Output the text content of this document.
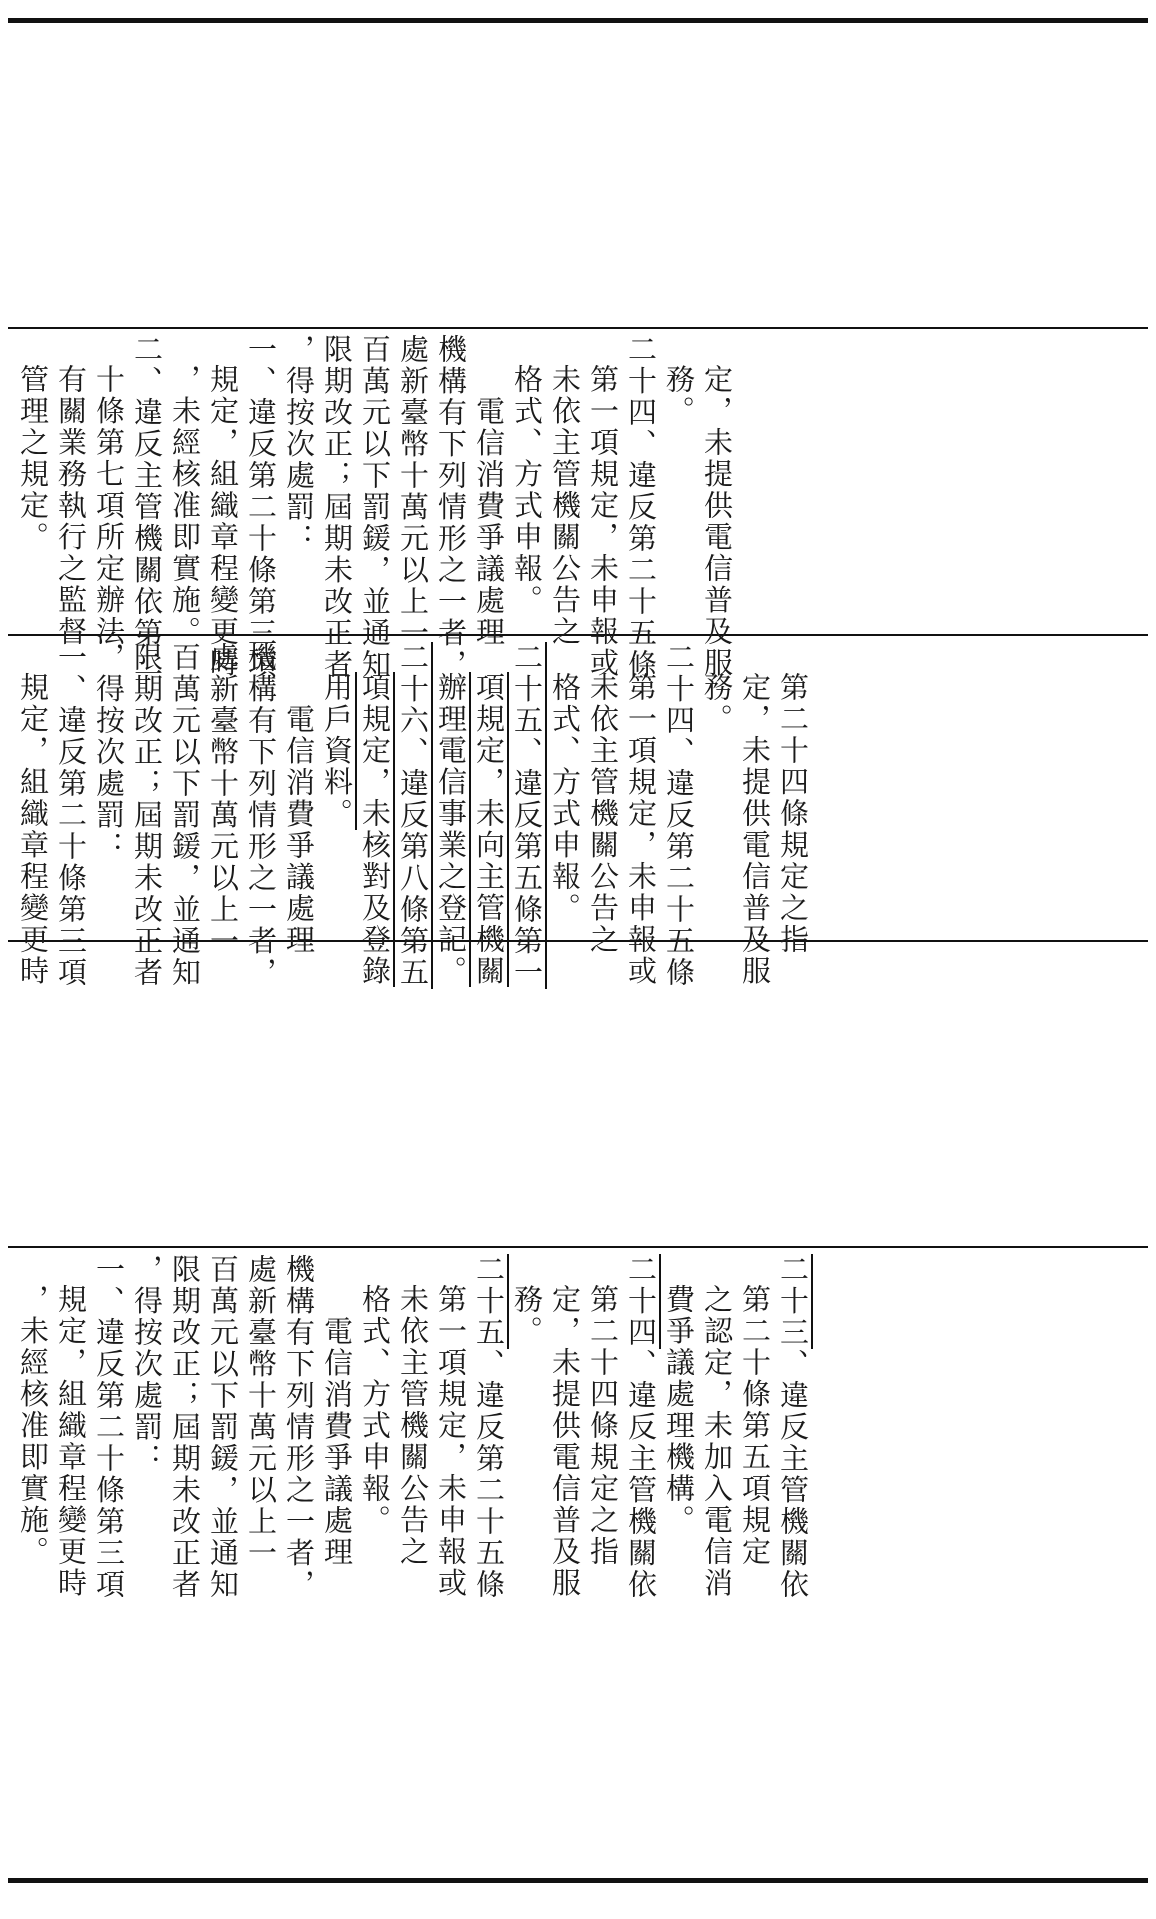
定，未提供電信普及服
務。
二十四、違反第二十五條
第一項規定，未申報或
未依主管機關公告之
格式、方式申報。
電信消費爭議處理
機構有下列情形之一者，
處新臺幣十萬元以上一
百萬元以下罰鍰，並通知
限期改正；屆期未改正者
，得按次處罰：
一、違反第二十條第三項
規定，組織章程變更時
，未經核准即實施。
二、違反主管機關依第二
十條第七項所定辦法
有關業務執行之監督
管理之規定。
第二十四條規定之指
定，未提供電信普及服
務。
二十四、違反第二十五條
第一項規定，未申報或
未依主管機關公告之
格式、方式申報。
二十五、違反第五條第一
項規定，未向主管機關
辦理電信事業之登記。
二十六、違反第八條第五
項規定，未核對及登錄
用戶資料。
電信消費爭議處理
機構有下列情形之一者，
處新臺幣十萬元以上一
百萬元以下罰鍰，並通知
限期改正；屆期未改正者
，得按次處罰：
一、違反第二十條第三項
規定，組織章程變更時
二十三、違反主管機關依
第二十條第五項規定
之認定，未加入電信消
費爭議處理機構。
二十四、違反主管機關依
第二十四條規定之指
定，未提供電信普及服
務。
二十五、違反第二十五條
第一項規定，未申報或
未依主管機關公告之
格式、方式申報。
電信消費爭議處理
機構有下列情形之一者，
處新臺幣十萬元以上一
百萬元以下罰鍰，並通知
限期改正；屆期未改正者
，得按次處罰：
一、違反第二十條第三項
規定，組織章程變更時
，未經核准即實施。
